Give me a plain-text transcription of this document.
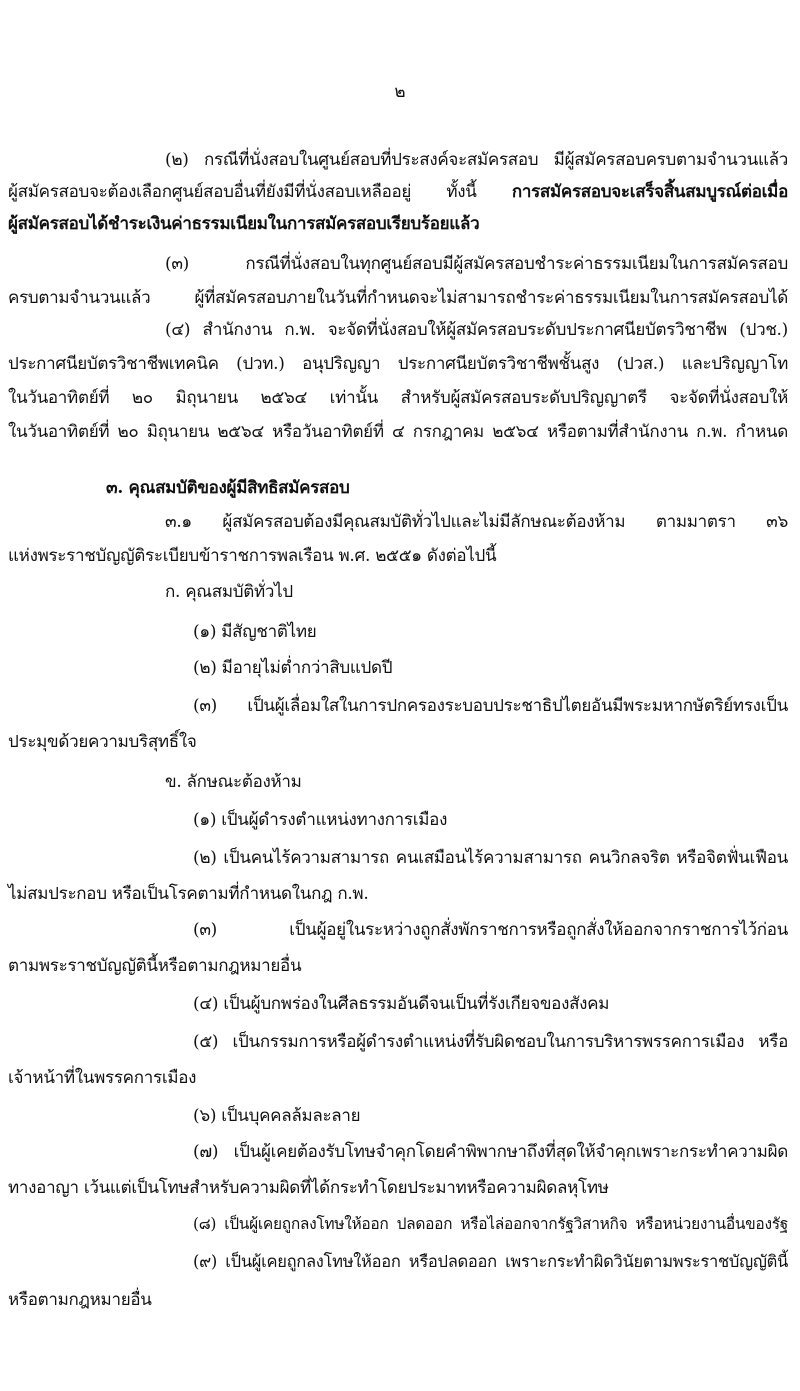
๒
(๒) กรณีที่นั่งสอบในศูนย์สอบที่ประสงค์จะสมัครสอบ มีผู้สมัครสอบครบตามจำนวนแล้ว
ผู้สมัครสอบจะต้องเลือกศูนย์สอบอื่นที่ยังมีที่นั่งสอบเหลืออยู่ ทั้งนี้ การสมัครสอบจะเสร็จสิ้นสมบูรณ์ต่อเมื่อ
ผู้สมัครสอบได้ชำระเงินค่าธรรมเนียมในการสมัครสอบเรียบร้อยแล้ว
(๓) กรณีที่นั่งสอบในทุกศูนย์สอบมีผู้สมัครสอบชำระค่าธรรมเนียมในการสมัครสอบ
ครบตามจำนวนแล้ว ผู้ที่สมัครสอบภายในวันที่กำหนดจะไม่สามารถชำระค่าธรรมเนียมในการสมัครสอบได้
(๔) สำนักงาน ก.พ. จะจัดที่นั่งสอบให้ผู้สมัครสอบระดับประกาศนียบัตรวิชาชีพ (ปวช.)
ประกาศนียบัตรวิชาชีพเทคนิค (ปวท.) อนุปริญญา ประกาศนียบัตรวิชาชีพชั้นสูง (ปวส.) และปริญญาโท
ในวันอาทิตย์ที่ ๒๐ มิถุนายน ๒๕๖๔ เท่านั้น สำหรับผู้สมัครสอบระดับปริญญาตรี จะจัดที่นั่งสอบให้
ในวันอาทิตย์ที่ ๒๐ มิถุนายน ๒๕๖๔ หรือวันอาทิตย์ที่ ๔ กรกฎาคม ๒๕๖๔ หรือตามที่สำนักงาน ก.พ. กำหนด
๓. คุณสมบัติของผู้มีสิทธิสมัครสอบ
๓.๑ ผู้สมัครสอบต้องมีคุณสมบัติทั่วไปและไม่มีลักษณะต้องห้าม ตามมาตรา ๓๖
แห่งพระราชบัญญัติระเบียบข้าราชการพลเรือน พ.ศ. ๒๕๕๑ ดังต่อไปนี้
ก. คุณสมบัติทั่วไป
(๑) มีสัญชาติไทย
(๒) มีอายุไม่ต่ำกว่าสิบแปดปี
(๓) เป็นผู้เลื่อมใสในการปกครองระบอบประชาธิปไตยอันมีพระมหากษัตริย์ทรงเป็น
ประมุขด้วยความบริสุทธิ์ใจ
ข. ลักษณะต้องห้าม
(๑) เป็นผู้ดำรงตำแหน่งทางการเมือง
(๒) เป็นคนไร้ความสามารถ คนเสมือนไร้ความสามารถ คนวิกลจริต หรือจิตฟั่นเฟือน
ไม่สมประกอบ หรือเป็นโรคตามที่กำหนดในกฎ ก.พ.
(๓) เป็นผู้อยู่ในระหว่างถูกสั่งพักราชการหรือถูกสั่งให้ออกจากราชการไว้ก่อน
ตามพระราชบัญญัตินี้หรือตามกฎหมายอื่น
(๔) เป็นผู้บกพร่องในศีลธรรมอันดีจนเป็นที่รังเกียจของสังคม
(๕) เป็นกรรมการหรือผู้ดำรงตำแหน่งที่รับผิดชอบในการบริหารพรรคการเมือง หรือ
เจ้าหน้าที่ในพรรคการเมือง
(๖) เป็นบุคคลล้มละลาย
(๗) เป็นผู้เคยต้องรับโทษจำคุกโดยคำพิพากษาถึงที่สุดให้จำคุกเพราะกระทำความผิด
ทางอาญา เว้นแต่เป็นโทษสำหรับความผิดที่ได้กระทำโดยประมาทหรือความผิดลหุโทษ
(๘) เป็นผู้เคยถูกลงโทษให้ออก ปลดออก หรือไล่ออกจากรัฐวิสาหกิจ หรือหน่วยงานอื่นของรัฐ
(๙) เป็นผู้เคยถูกลงโทษให้ออก หรือปลดออก เพราะกระทำผิดวินัยตามพระราชบัญญัตินี้
หรือตามกฎหมายอื่น
